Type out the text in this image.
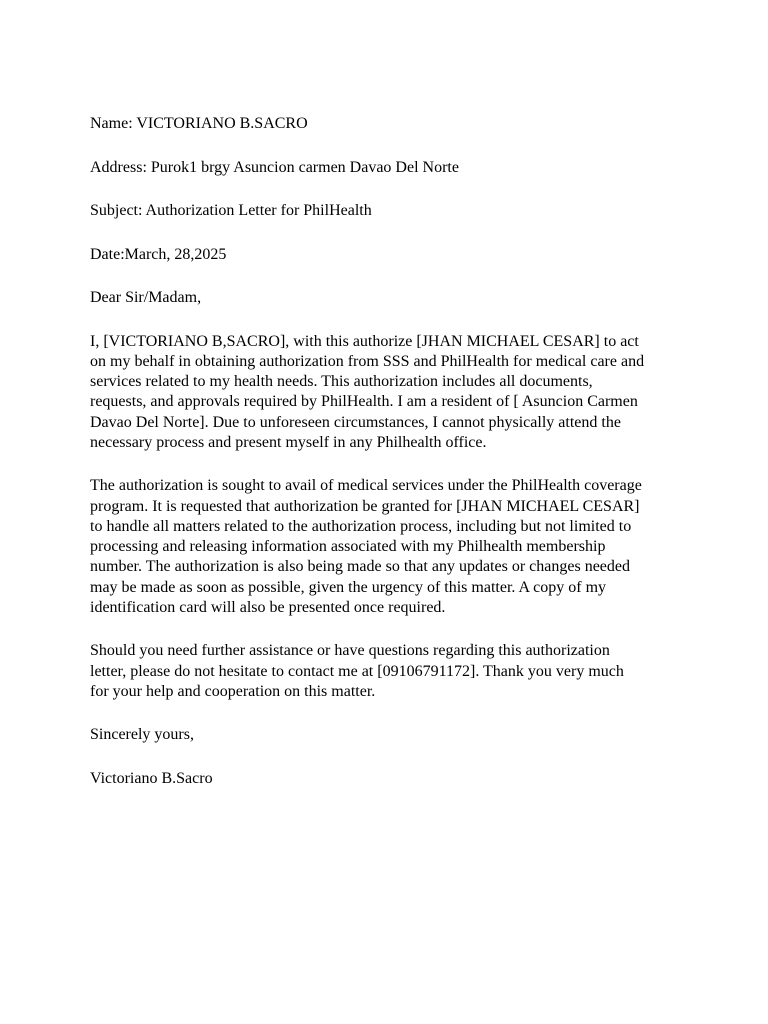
Name: VICTORIANO B.SACRO
Address: Purok1 brgy Asuncion carmen Davao Del Norte
Subject: Authorization Letter for PhilHealth
Date:March, 28,2025
Dear Sir/Madam,
I, [VICTORIANO B,SACRO], with this authorize [JHAN MICHAEL CESAR] to act
on my behalf in obtaining authorization from SSS and PhilHealth for medical care and
services related to my health needs. This authorization includes all documents,
requests, and approvals required by PhilHealth. I am a resident of [ Asuncion Carmen
Davao Del Norte]. Due to unforeseen circumstances, I cannot physically attend the
necessary process and present myself in any Philhealth office.
The authorization is sought to avail of medical services under the PhilHealth coverage
program. It is requested that authorization be granted for [JHAN MICHAEL CESAR]
to handle all matters related to the authorization process, including but not limited to
processing and releasing information associated with my Philhealth membership
number. The authorization is also being made so that any updates or changes needed
may be made as soon as possible, given the urgency of this matter. A copy of my
identification card will also be presented once required.
Should you need further assistance or have questions regarding this authorization
letter, please do not hesitate to contact me at [09106791172]. Thank you very much
for your help and cooperation on this matter.
Sincerely yours,
Victoriano B.Sacro
